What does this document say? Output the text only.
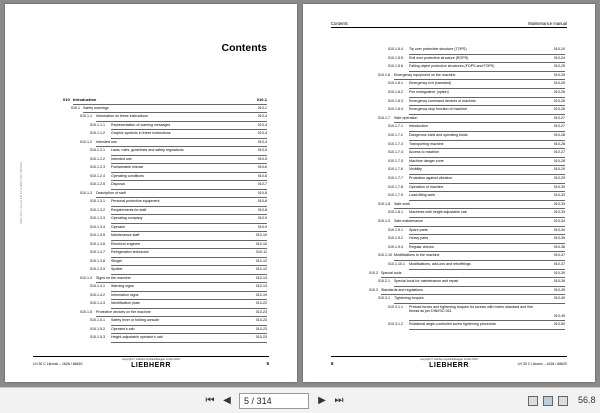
LWS 30 C Litronic EN 18 S 0001 FDC 05/2016
Contents
010 Introduction	010-1
010.1 Safety warnings	010-1
010.1.1 Information on these instructions	010-4
010.1.1.1 Representation of warning messages	010-4
010.1.1.2 Graphic symbols in these instructions	010-4
010.1.2 Intended use	010-4
010.1.2.1 Laws, rules, guidelines and safety regulations	010-5
010.1.2.2 Intended use	010-5
010.1.2.3 Foreseeable misuse	010-6
010.1.2.4 Operating conditions	010-6
010.1.2.5 Disposal	010-7
010.1.3 Description of staff	010-8
010.1.3.1 Personal protective equipment	010-8
010.1.3.2 Requirements for staff	010-8
010.1.3.3 Operating company	010-9
010.1.3.4 Operator	010-9
010.1.3.5 Maintenance staff	010-10
010.1.3.6 Electrical engineer	010-10
010.1.3.7 Refrigeration technician	010-11
010.1.3.8 Slinger	010-12
010.1.3.9 Spotter	010-12
010.1.4 Signs on the machine	010-13
010.1.4.1 Warning signs	010-13
010.1.4.2 Information signs	010-19
010.1.4.3 Identification plate	010-22
010.1.5 Protective devices on the machine	010-23
010.1.5.1 Safety lever or folding console	010-23
010.1.5.2 Operator's cab	010-23
010.1.5.3 Height-adjustable operator's cab	010-23
LH 30 C Litronic – 1626 / 66620
copyright © Liebherr-Hydraulikbagger GmbH 2016
LIEBHERR	5
Contents	Maintenance manual
010.1.5.4 Tip over protective structure (TOPS)	010-24
010.1.5.5 Roll over protective structure (ROPS)	010-24
010.1.5.6 Falling object protective structures (FOPS and FOPS)	010-25
010.1.6 Emergency equipment on the machine	010-25
010.1.6.1 Emergency exit (standard)	010-25
010.1.6.2 Fire extinguisher (option)	010-26
010.1.6.3 Emergency command devices of machine	010-26
010.1.6.4 Emergency stop function of machine	010-26
010.1.7 Safe operation	010-27
010.1.7.1 Introduction	010-27
010.1.7.2 Dangerous fuels and operating fluids	010-28
010.1.7.3 Transporting machine	010-28
010.1.7.4 Access to machine	010-27
010.1.7.5 Machine danger zone	010-28
010.1.7.6 Visibility	010-29
010.1.7.7 Protection against vibration	010-29
010.1.7.8 Operation of machine	010-30
010.1.7.9 Load-lifting work	010-33
010.1.8 Safe work	010-33
010.1.8.1 Machines with height adjustable cab	010-33
010.1.9 Safe maintenance	010-34
010.1.9.1 Spare parts	010-34
010.1.9.2 Heavy parts	010-35
010.1.9.3 Regular checks	010-36
010.1.10 Modifications to the machine	010-37
010.1.10.1 Modifications, add-ons and retrofittings	010-37
010.2 Special tools	010-39
010.2.1 Special tools for maintenance and repair	010-39
010.3 Standards and regulations	010-49
010.3.1 Tightening torques	010-49
010.3.1.1 Preload forces and tightening torques for screws with metric standard and fine thread as per DIN/ISO 261
010-49
010.3.1.2 Rotational angle-controlled screw tightening procedure	010-50
6
copyright © Liebherr-Hydraulikbagger GmbH 2016
LIEBHERR	LH 30 C Litronic – 1626 / 66620
⏮ ◀	5 / 314	▶ ⏭	56.8
